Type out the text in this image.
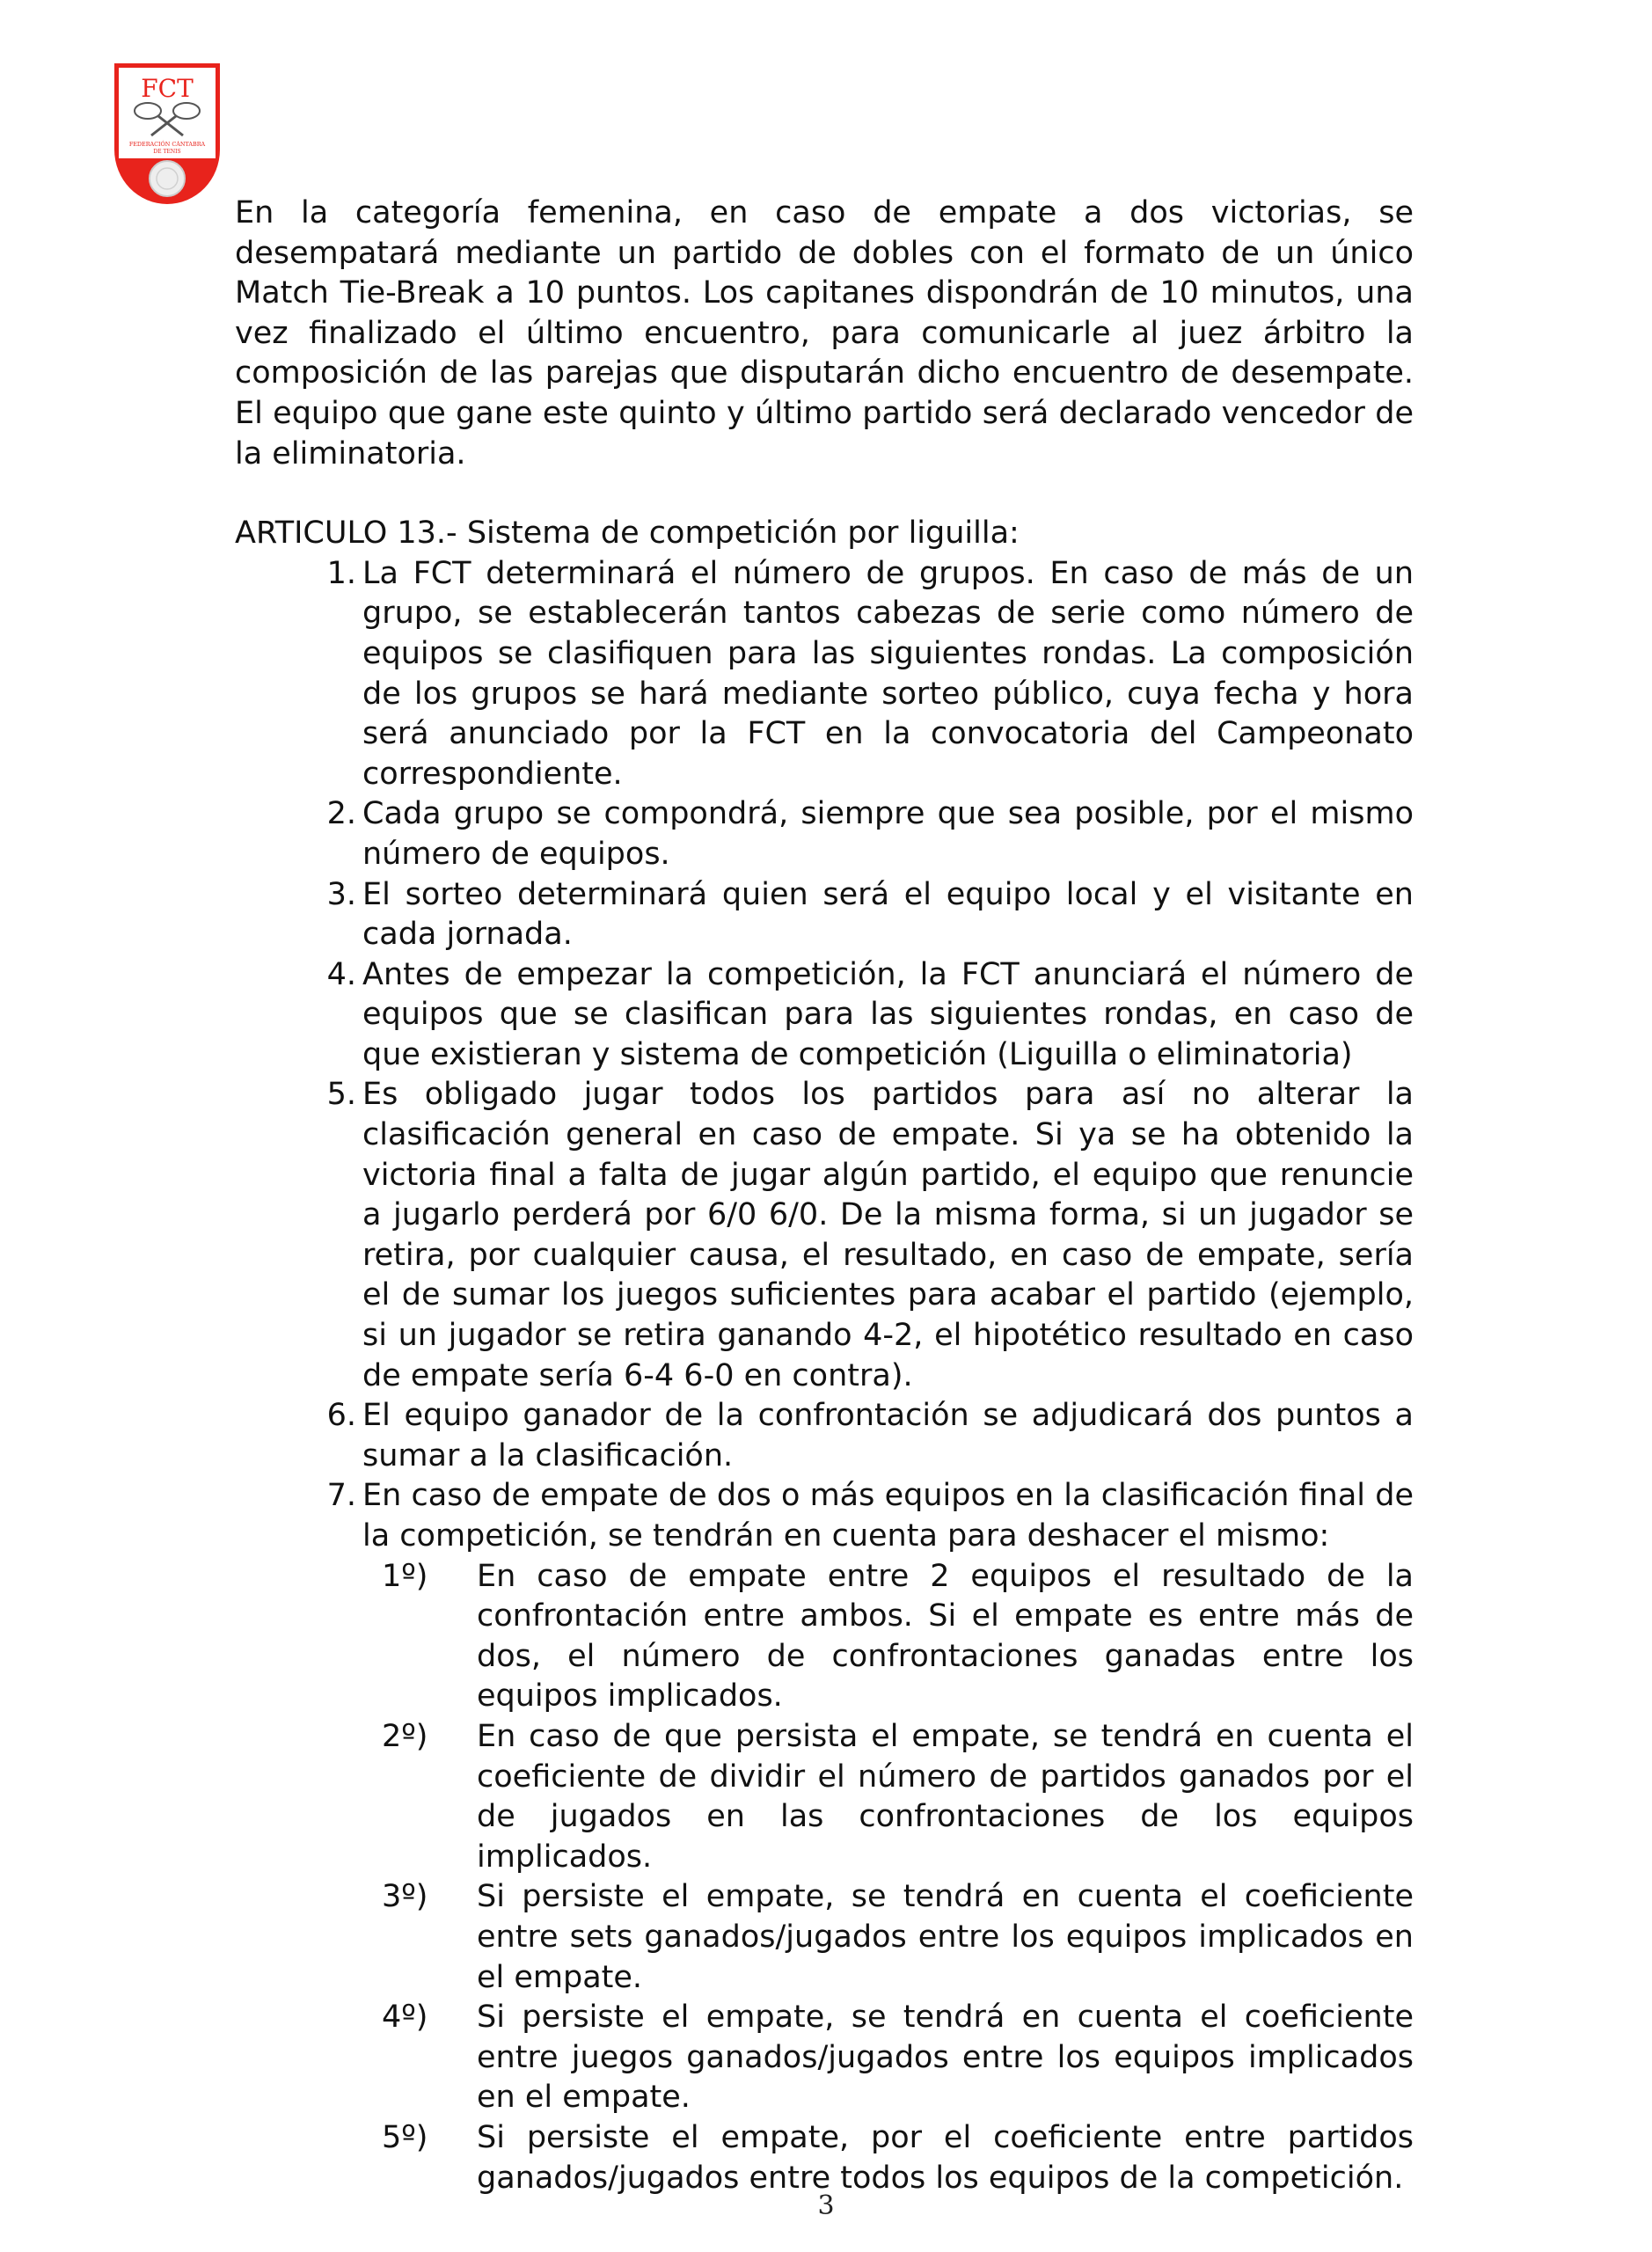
FCT
FEDERACIÓN CÁNTABRA
DE TENIS

En la categoría femenina, en caso de empate a dos victorias, se desempatará mediante un partido de dobles con el formato de un único Match Tie-Break a 10 puntos. Los capitanes dispondrán de 10 minutos, una vez finalizado el último encuentro, para comunicarle al juez árbitro la composición de las parejas que disputarán dicho encuentro de desempate. El equipo que gane este quinto y último partido será declarado vencedor de la eliminatoria.

ARTICULO 13.- Sistema de competición por liguilla:

1. La FCT determinará el número de grupos. En caso de más de un grupo, se establecerán tantos cabezas de serie como número de equipos se clasifiquen para las siguientes rondas. La composición de los grupos se hará mediante sorteo público, cuya fecha y hora será anunciado por la FCT en la convocatoria del Campeonato correspondiente.
2. Cada grupo se compondrá, siempre que sea posible, por el mismo número de equipos.
3. El sorteo determinará quien será el equipo local y el visitante en cada jornada.
4. Antes de empezar la competición, la FCT anunciará el número de equipos que se clasifican para las siguientes rondas, en caso de que existieran y sistema de competición (Liguilla o eliminatoria)
5. Es obligado jugar todos los partidos para así no alterar la clasificación general en caso de empate. Si ya se ha obtenido la victoria final a falta de jugar algún partido, el equipo que renuncie a jugarlo perderá por 6/0 6/0. De la misma forma, si un jugador se retira, por cualquier causa, el resultado, en caso de empate, sería el de sumar los juegos suficientes para acabar el partido (ejemplo, si un jugador se retira ganando 4-2, el hipotético resultado en caso de empate sería 6-4 6-0 en contra).
6. El equipo ganador de la confrontación se adjudicará dos puntos a sumar a la clasificación.
7. En caso de empate de dos o más equipos en la clasificación final de la competición, se tendrán en cuenta para deshacer el mismo:
1º) En caso de empate entre 2 equipos el resultado de la confrontación entre ambos. Si el empate es entre más de dos, el número de confrontaciones ganadas entre los equipos implicados.
2º) En caso de que persista el empate, se tendrá en cuenta el coeficiente de dividir el número de partidos ganados por el de jugados en las confrontaciones de los equipos implicados.
3º) Si persiste el empate, se tendrá en cuenta el coeficiente entre sets ganados/jugados entre los equipos implicados en el empate.
4º) Si persiste el empate, se tendrá en cuenta el coeficiente entre juegos ganados/jugados entre los equipos implicados en el empate.
5º) Si persiste el empate, por el coeficiente entre partidos ganados/jugados entre todos los equipos de la competición.
3
